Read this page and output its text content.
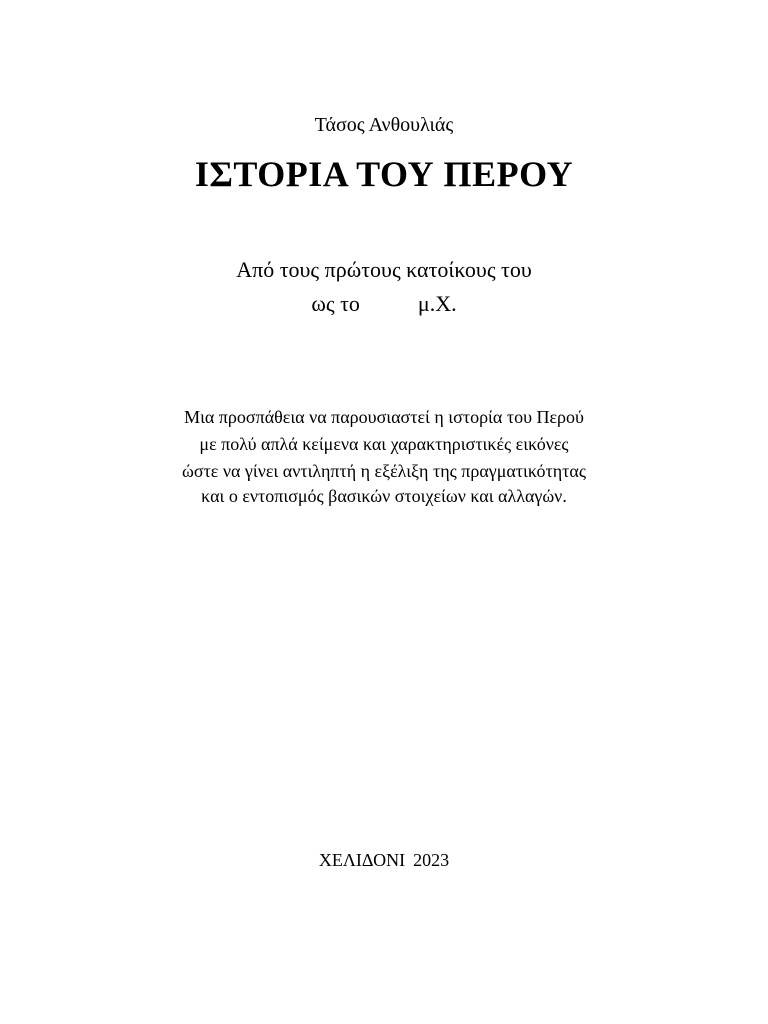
Τάσος Ανθουλιάς
ΙΣΤΟΡΙΑ ΤΟΥ ΠΕΡΟΥ
Από τους πρώτους κατοίκους του
ως το	μ.Χ.
Μια προσπάθεια να παρουσιαστεί η ιστορία του Περού
με πολύ απλά κείμενα και χαρακτηριστικές εικόνες
ώστε να γίνει αντιληπτή η εξέλιξη της πραγματικότητας
και ο εντοπισμός βασικών στοιχείων και αλλαγών.
ΧΕΛΙΔΟΝΙ 2023
